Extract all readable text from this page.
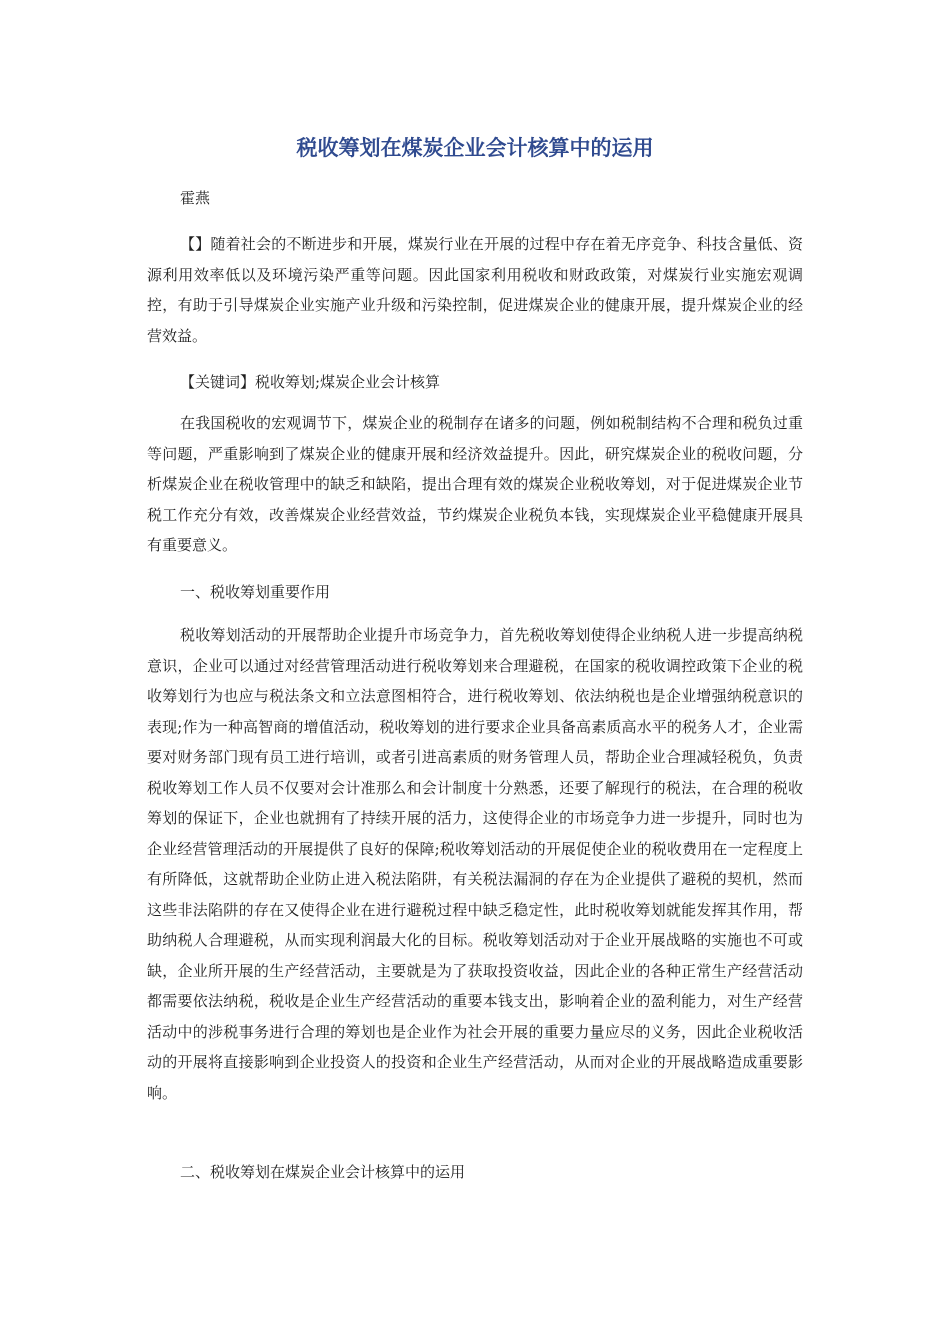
税收筹划在煤炭企业会计核算中的运用

霍燕

【】随着社会的不断进步和开展，煤炭行业在开展的过程中存在着无序竞争、科技含量低、资源利用效率低以及环境污染严重等问题。因此国家利用税收和财政政策，对煤炭行业实施宏观调控，有助于引导煤炭企业实施产业升级和污染控制，促进煤炭企业的健康开展，提升煤炭企业的经营效益。

【关键词】税收筹划;煤炭企业会计核算

在我国税收的宏观调节下，煤炭企业的税制存在诸多的问题，例如税制结构不合理和税负过重等问题，严重影响到了煤炭企业的健康开展和经济效益提升。因此，研究煤炭企业的税收问题，分析煤炭企业在税收管理中的缺乏和缺陷，提出合理有效的煤炭企业税收筹划，对于促进煤炭企业节税工作充分有效，改善煤炭企业经营效益，节约煤炭企业税负本钱，实现煤炭企业平稳健康开展具有重要意义。

一、税收筹划重要作用

税收筹划活动的开展帮助企业提升市场竞争力，首先税收筹划使得企业纳税人进一步提高纳税意识，企业可以通过对经营管理活动进行税收筹划来合理避税，在国家的税收调控政策下企业的税收筹划行为也应与税法条文和立法意图相符合，进行税收筹划、依法纳税也是企业增强纳税意识的表现;作为一种高智商的增值活动，税收筹划的进行要求企业具备高素质高水平的税务人才，企业需要对财务部门现有员工进行培训，或者引进高素质的财务管理人员，帮助企业合理减轻税负，负责税收筹划工作人员不仅要对会计准那么和会计制度十分熟悉，还要了解现行的税法，在合理的税收筹划的保证下，企业也就拥有了持续开展的活力，这使得企业的市场竞争力进一步提升，同时也为企业经营管理活动的开展提供了良好的保障;税收筹划活动的开展促使企业的税收费用在一定程度上有所降低，这就帮助企业防止进入税法陷阱，有关税法漏洞的存在为企业提供了避税的契机，然而这些非法陷阱的存在又使得企业在进行避税过程中缺乏稳定性，此时税收筹划就能发挥其作用，帮助纳税人合理避税，从而实现利润最大化的目标。税收筹划活动对于企业开展战略的实施也不可或缺，企业所开展的生产经营活动，主要就是为了获取投资收益，因此企业的各种正常生产经营活动都需要依法纳税，税收是企业生产经营活动的重要本钱支出，影响着企业的盈利能力，对生产经营活动中的涉税事务进行合理的筹划也是企业作为社会开展的重要力量应尽的义务，因此企业税收活动的开展将直接影响到企业投资人的投资和企业生产经营活动，从而对企业的开展战略造成重要影响。

二、税收筹划在煤炭企业会计核算中的运用
